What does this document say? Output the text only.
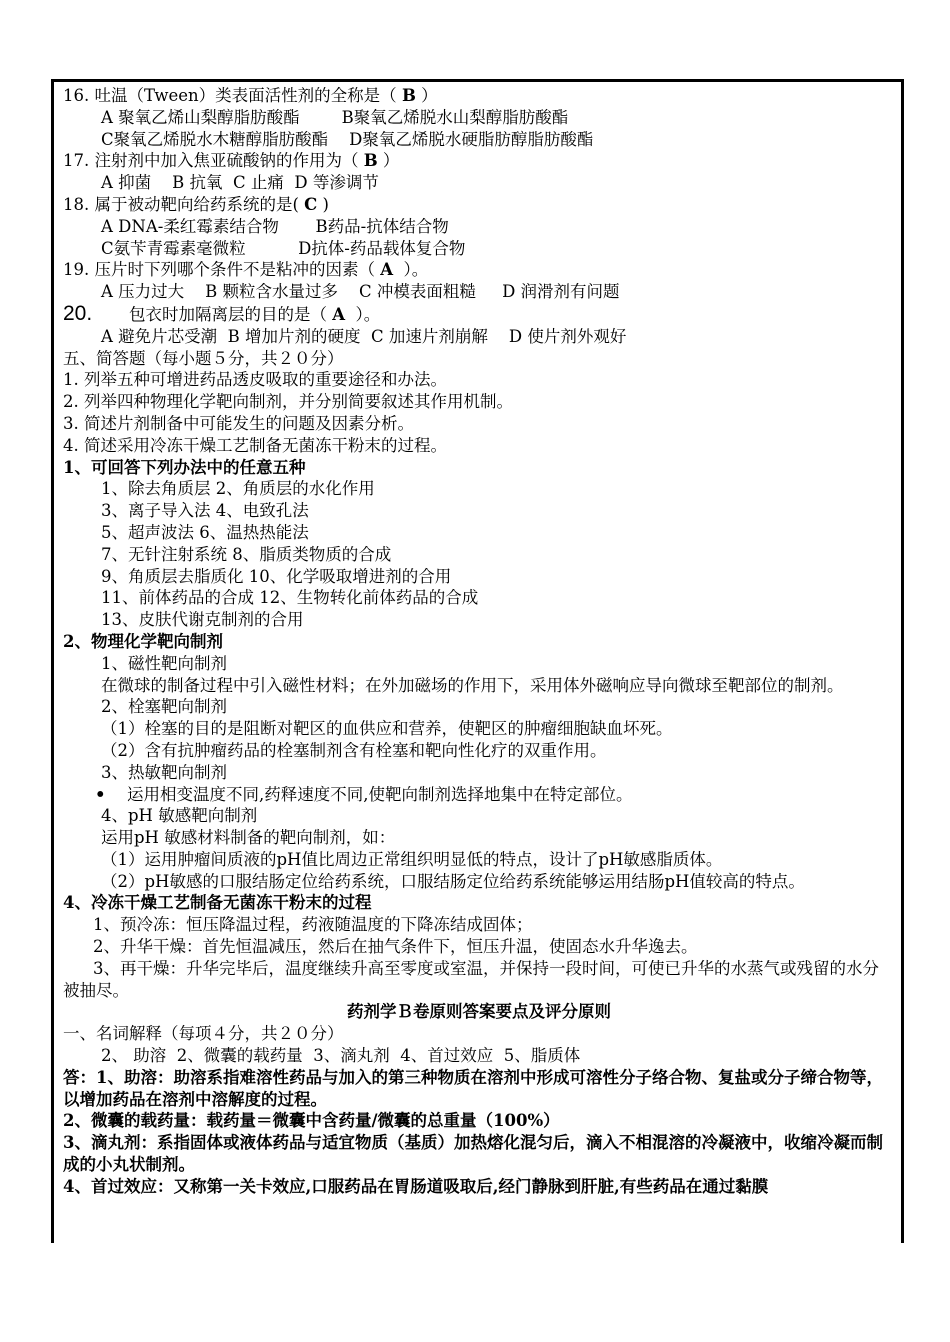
16. 吐温（Tween）类表面活性剂的全称是（ B ）
A 聚氧乙烯山梨醇脂肪酸酯        B聚氧乙烯脱水山梨醇脂肪酸酯
C聚氧乙烯脱水木糖醇脂肪酸酯    D聚氧乙烯脱水硬脂肪醇脂肪酸酯
17. 注射剂中加入焦亚硫酸钠的作用为（ B ）
A 抑菌    B 抗氧  C 止痛  D 等渗调节
18. 属于被动靶向给药系统的是( C )
A DNA-柔红霉素结合物       B药品-抗体结合物
C氨苄青霉素毫微粒          D抗体-药品载体复合物
19. 压片时下列哪个条件不是粘冲的因素（ A  ）。
A 压力过大    B 颗粒含水量过多    C 冲模表面粗糙     D 润滑剂有问题
20.	包衣时加隔离层的目的是（ A ）。
A 避免片芯受潮  B 增加片剂的硬度  C 加速片剂崩解    D 使片剂外观好
五、简答题（每小题５分，共２０分）
1. 列举五种可增进药品透皮吸取的重要途径和办法。
2. 列举四种物理化学靶向制剂，并分别简要叙述其作用机制。
3. 简述片剂制备中可能发生的问题及因素分析。
4. 简述采用冷冻干燥工艺制备无菌冻干粉末的过程。
1、可回答下列办法中的任意五种
1、除去角质层 2、角质层的水化作用
3、离子导入法 4、电致孔法
5、超声波法 6、温热热能法
7、无针注射系统 8、脂质类物质的合成
9、角质层去脂质化 10、化学吸取增进剂的合用
11、前体药品的合成 12、生物转化前体药品的合成
13、皮肤代谢克制剂的合用
2、物理化学靶向制剂
1、磁性靶向制剂
在微球的制备过程中引入磁性材料；在外加磁场的作用下，采用体外磁响应导向微球至靶部位的制剂。
2、栓塞靶向制剂
（1）栓塞的目的是阻断对靶区的血供应和营养，使靶区的肿瘤细胞缺血坏死。
（2）含有抗肿瘤药品的栓塞制剂含有栓塞和靶向性化疗的双重作用。
3、热敏靶向制剂
•	运用相变温度不同,药释速度不同,使靶向制剂选择地集中在特定部位。
4、pH 敏感靶向制剂
运用pH 敏感材料制备的靶向制剂，如：
（1）运用肿瘤间质液的pH值比周边正常组织明显低的特点，设计了pH敏感脂质体。
（2）pH敏感的口服结肠定位给药系统，口服结肠定位给药系统能够运用结肠pH值较高的特点。
4、冷冻干燥工艺制备无菌冻干粉末的过程
1、预冷冻：恒压降温过程，药液随温度的下降冻结成固体；
2、升华干燥：首先恒温减压，然后在抽气条件下，恒压升温，使固态水升华逸去。
3、再干燥：升华完毕后，温度继续升高至零度或室温，并保持一段时间，可使已升华的水蒸气或残留的水分被抽尽。
药剂学Ｂ卷原则答案要点及评分原则
一、名词解释（每项４分，共２０分）
2、 助溶  2、微囊的载药量  3、滴丸剂  4、首过效应  5、脂质体
答：1、助溶：助溶系指难溶性药品与加入的第三种物质在溶剂中形成可溶性分子络合物、复盐或分子缔合物等，以增加药品在溶剂中溶解度的过程。
2、微囊的载药量：载药量＝微囊中含药量/微囊的总重量（100%）
3、滴丸剂：系指固体或液体药品与适宜物质（基质）加热熔化混匀后，滴入不相混溶的冷凝液中，收缩冷凝而制成的小丸状制剂。
4、首过效应：又称第一关卡效应,口服药品在胃肠道吸取后,经门静脉到肝脏,有些药品在通过黏膜
